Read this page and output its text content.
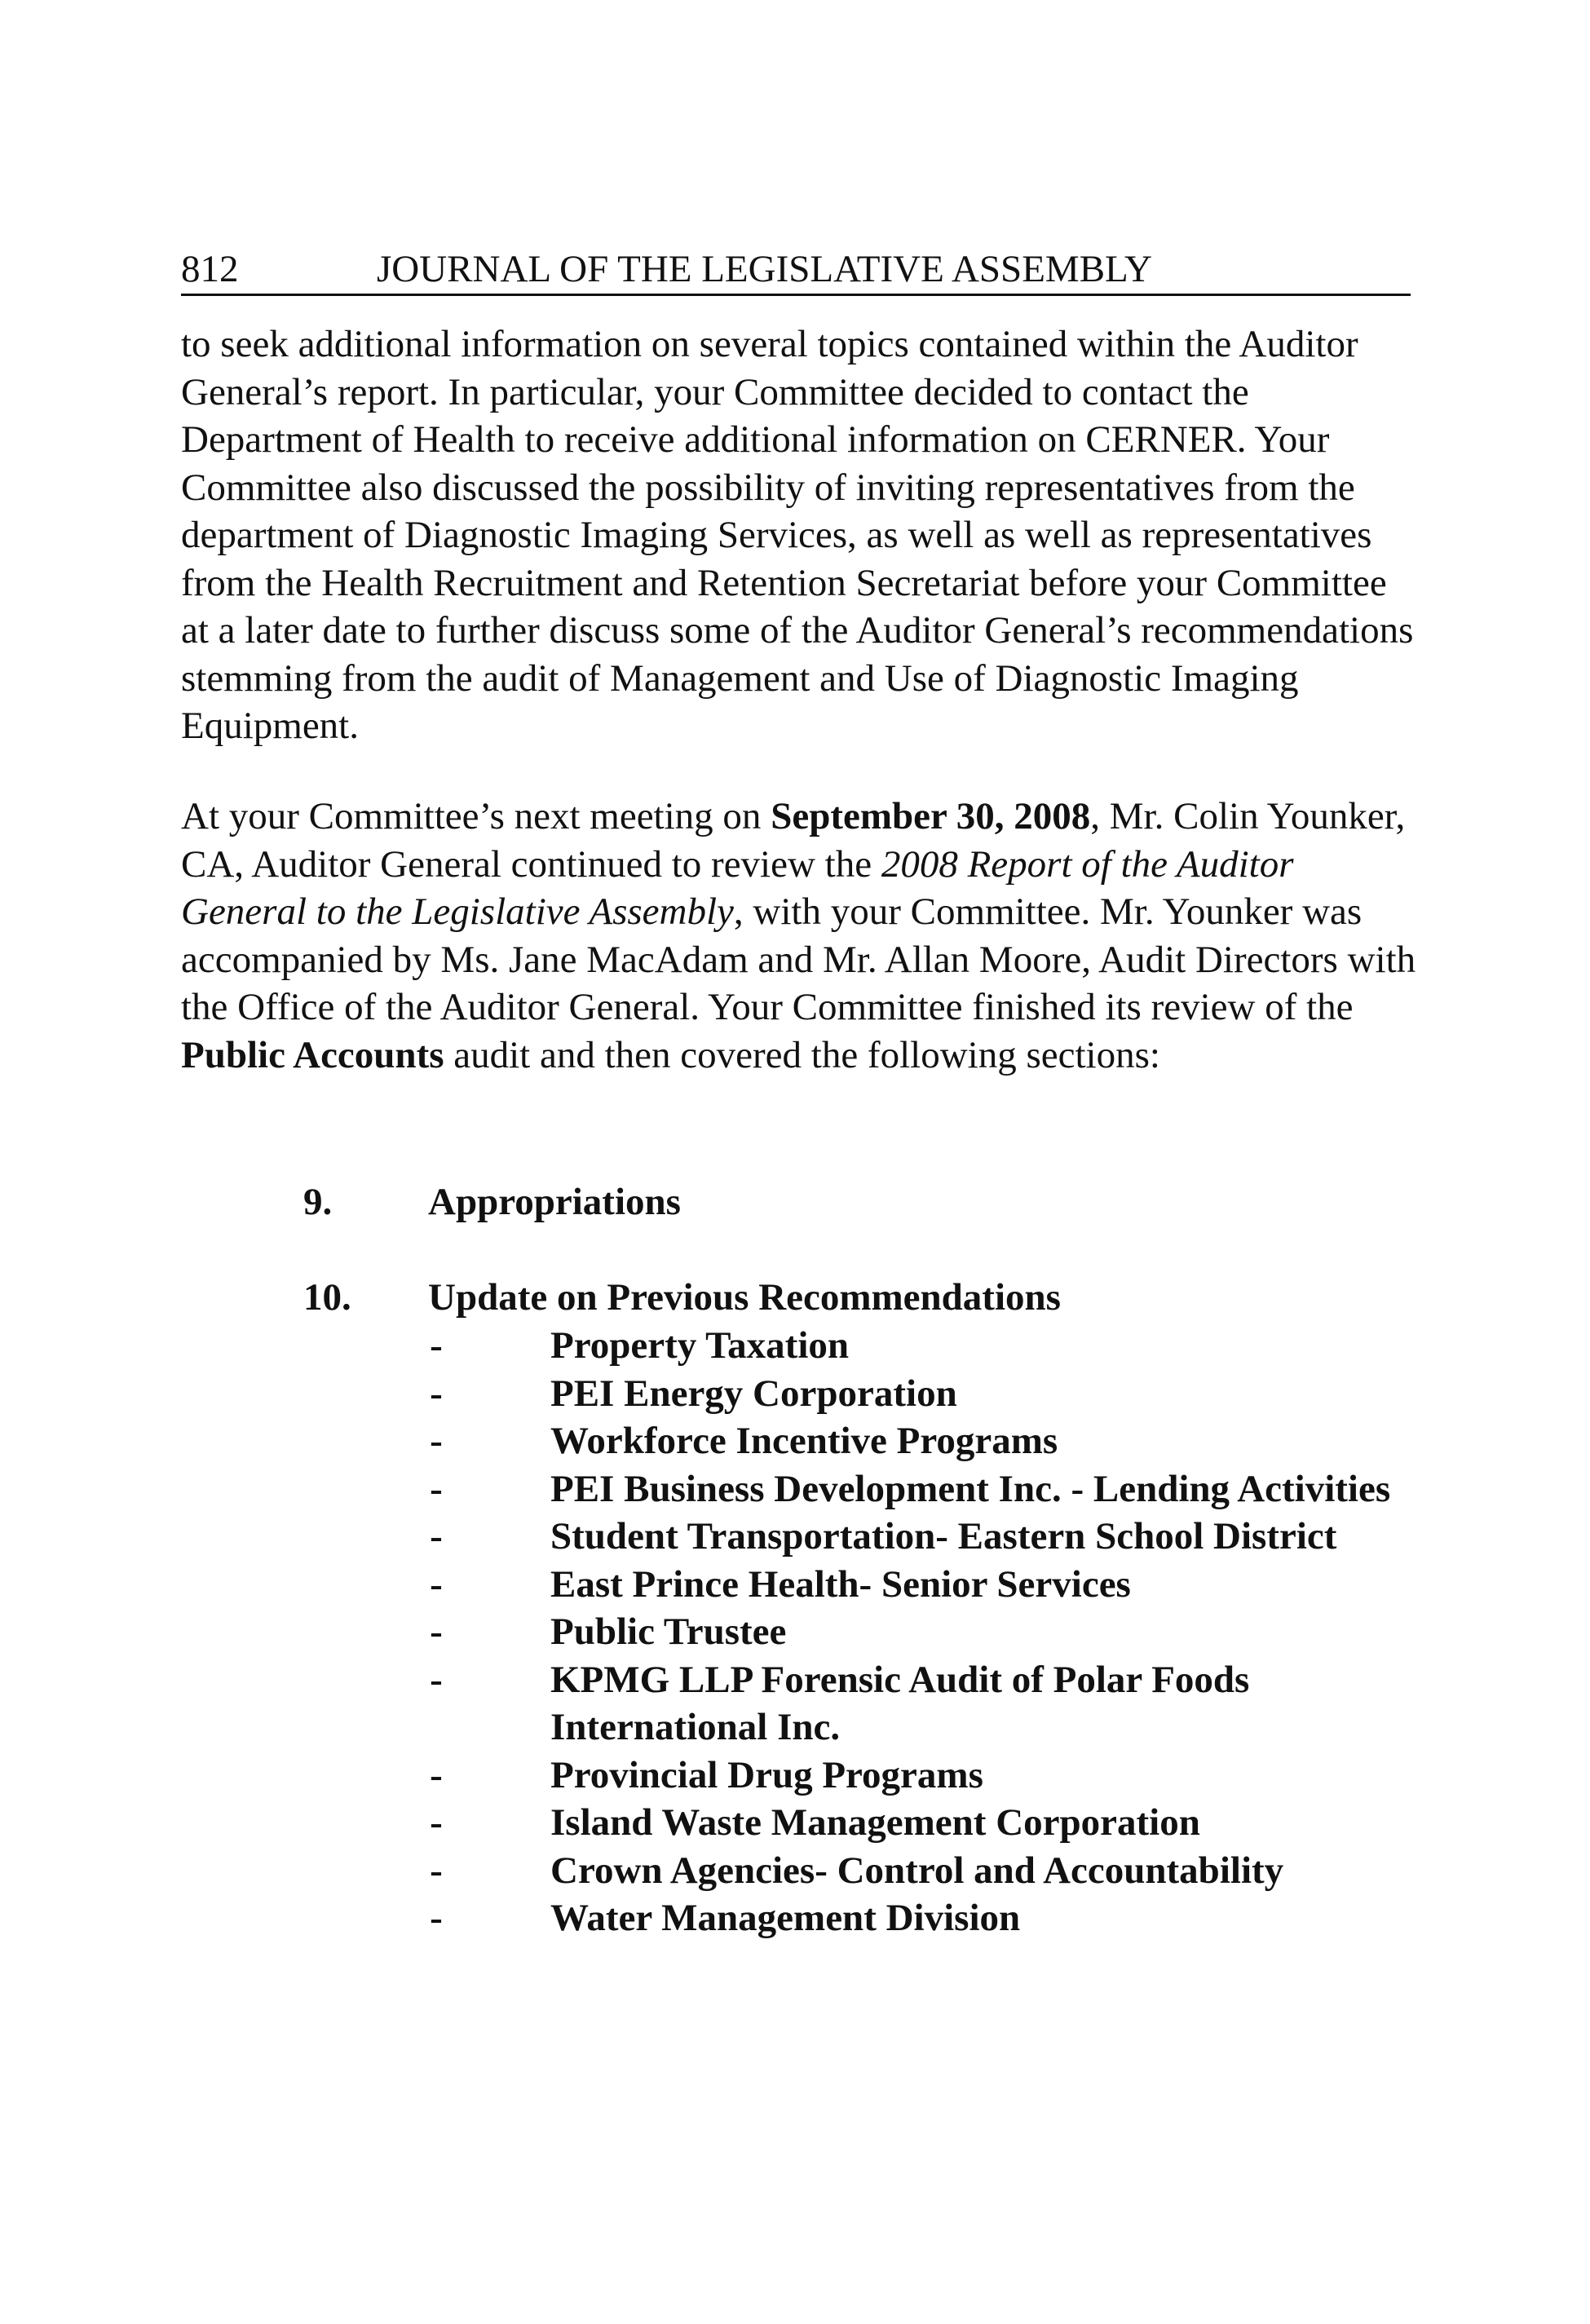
812	JOURNAL OF THE LEGISLATIVE ASSEMBLY

to seek additional information on several topics contained within the Auditor General’s report. In particular, your Committee decided to contact the Department of Health to receive additional information on CERNER. Your Committee also discussed the possibility of inviting representatives from the department of Diagnostic Imaging Services, as well as well as representatives from the Health Recruitment and Retention Secretariat before your Committee at a later date to further discuss some of the Auditor General’s recommendations stemming from the audit of Management and Use of Diagnostic Imaging Equipment.

At your Committee’s next meeting on September 30, 2008, Mr. Colin Younker, CA, Auditor General continued to review the 2008 Report of the Auditor General to the Legislative Assembly, with your Committee. Mr. Younker was accompanied by Ms. Jane MacAdam and Mr. Allan Moore, Audit Directors with the Office of the Auditor General. Your Committee finished its review of the Public Accounts audit and then covered the following sections:

9.	Appropriations
10. Update on Previous Recommendations
-	Property Taxation
-	PEI Energy Corporation
-	Workforce Incentive Programs
-	PEI Business Development Inc. - Lending Activities
-	Student Transportation- Eastern School District
-	East Prince Health- Senior Services
-	Public Trustee
-	KPMG LLP Forensic Audit of Polar Foods International Inc.
-	Provincial Drug Programs
-	Island Waste Management Corporation
-	Crown Agencies- Control and Accountability
-	Water Management Division
